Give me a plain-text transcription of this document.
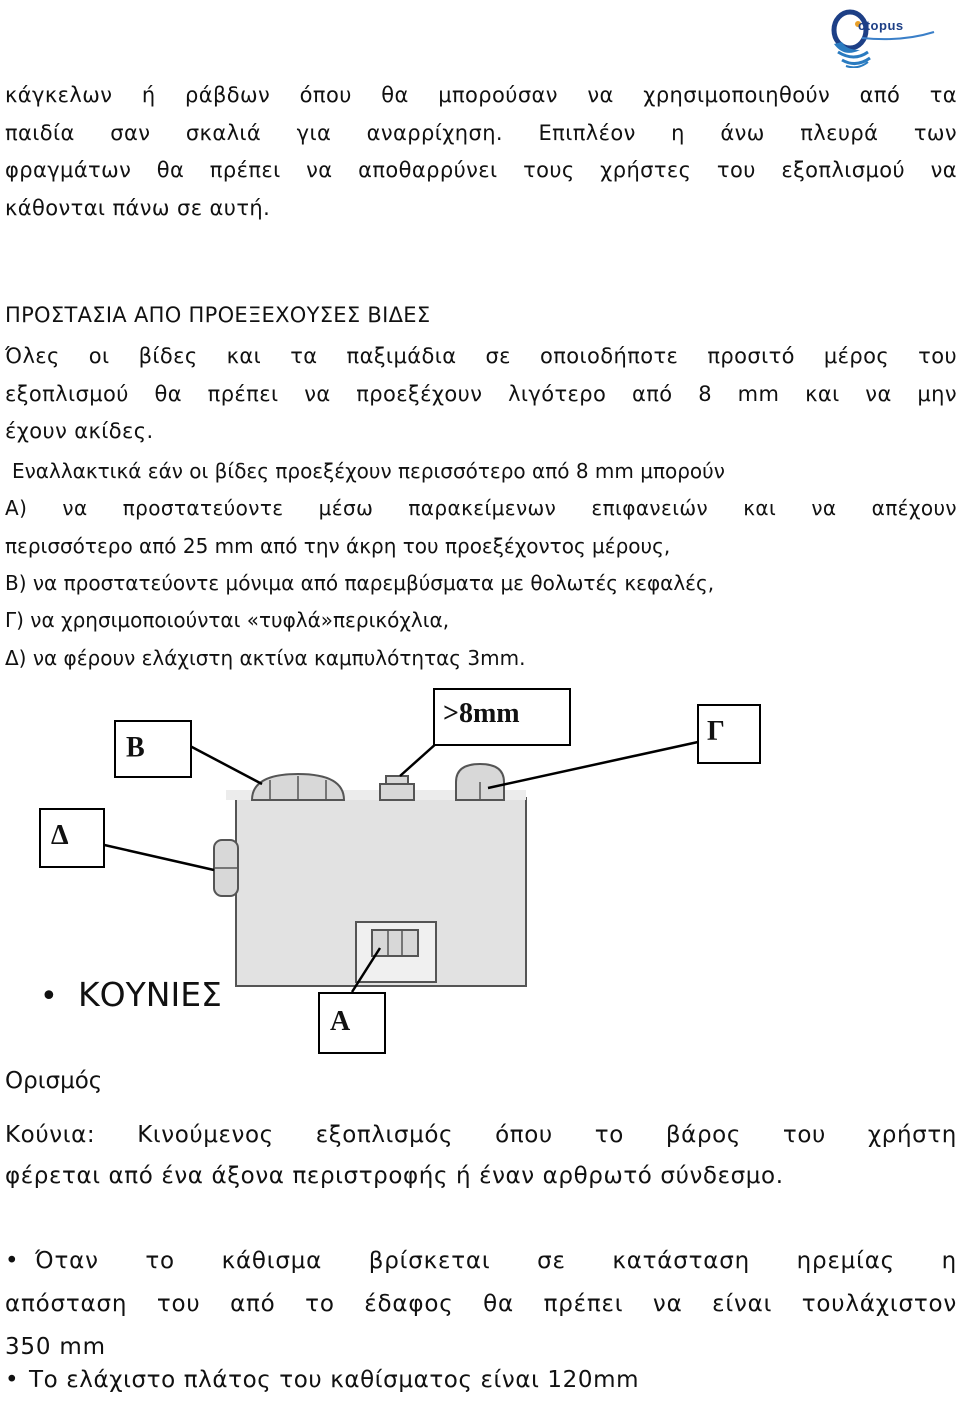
ctopus
κάγκελων ή ράβδων όπου θα μπορούσαν να χρησιμοποιηθούν από τα
παιδία σαν σκαλιά για αναρρίχηση. Επιπλέον η άνω πλευρά των
φραγμάτων θα πρέπει να αποθαρρύνει τους χρήστες του εξοπλισμού να
κάθονται πάνω σε αυτή.
ΠΡΟΣΤΑΣΙΑ ΑΠΟ ΠΡΟΕΞΕΧΟΥΣΕΣ ΒΙΔΕΣ
Όλες οι βίδες και τα παξιμάδια σε οποιοδήποτε προσιτό μέρος του
εξοπλισμού θα πρέπει να προεξέχουν λιγότερο από 8 mm και να μην
έχουν ακίδες.
Εναλλακτικά εάν οι βίδες προεξέχουν περισσότερο από 8 mm μπορούν
Α) να προστατεύοντε μέσω παρακείμενων επιφανειών και να απέχουν
περισσότερο από 25 mm από την άκρη του προεξέχοντος μέρους,
Β) να προστατεύοντε μόνιμα από παρεμβύσματα με θολωτές κεφαλές,
Γ) να χρησιμοποιούνται «τυφλά»περικόχλια,
Δ) να φέρουν ελάχιστη ακτίνα καμπυλότητας 3mm.
Β
>8mm
Γ
Δ
Α
• ΚΟΥΝΙΕΣ
Ορισμός
Κούνια: Κινούμενος εξοπλισμός όπου το βάρος του χρήστη
φέρεται από ένα άξονα περιστροφής ή έναν αρθρωτό σύνδεσμο.
• Όταν το κάθισμα βρίσκεται σε κατάσταση ηρεμίας η
απόσταση του από το έδαφος θα πρέπει να είναι τουλάχιστον
350 mm
• Το ελάχιστο πλάτος του καθίσματος είναι 120mm
